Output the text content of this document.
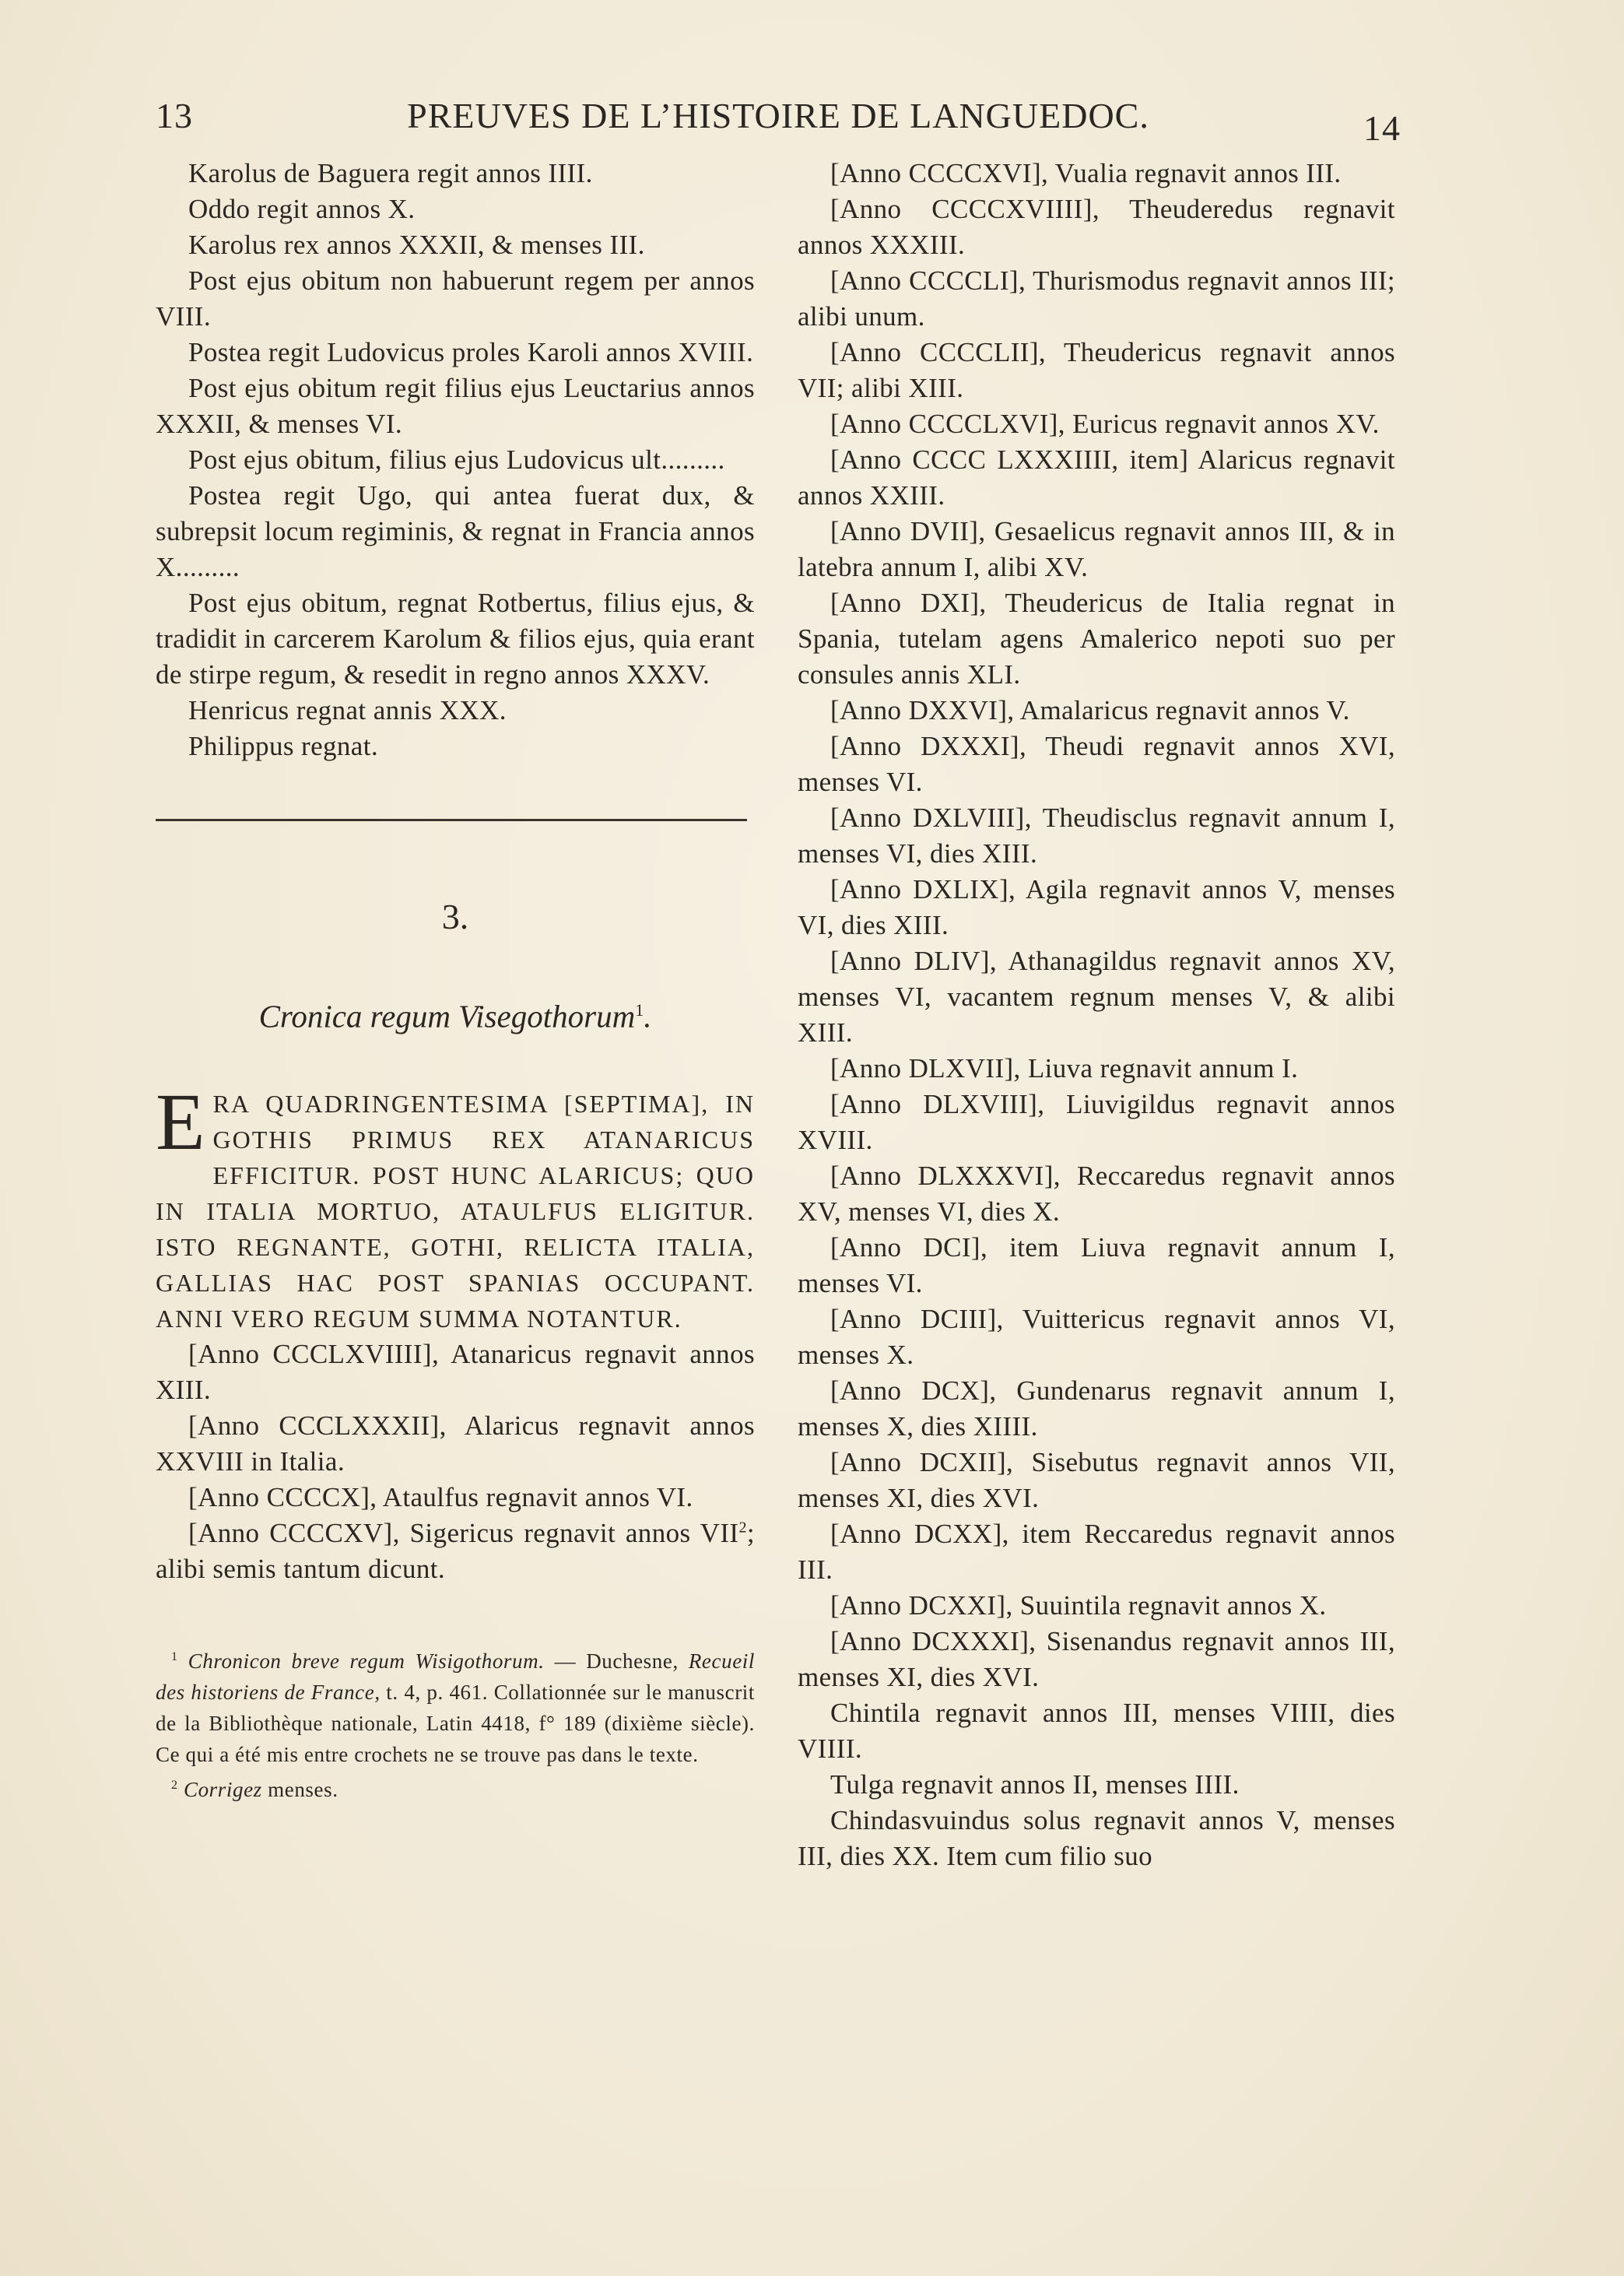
13	PREUVES DE L’HISTOIRE DE LANGUEDOC.	14
Karolus de Baguera regit annos IIII.
Oddo regit annos X.
Karolus rex annos XXXII, & menses III.
Post ejus obitum non habuerunt regem per annos VIII.
Postea regit Ludovicus proles Karoli annos XVIII.
Post ejus obitum regit filius ejus Leuctarius annos XXXII, & menses VI.
Post ejus obitum, filius ejus Ludovicus ult.........
Postea regit Ugo, qui antea fuerat dux, & subrepsit locum regiminis, & regnat in Francia annos X.........
Post ejus obitum, regnat Rotbertus, filius ejus, & tradidit in carcerem Karolum & filios ejus, quia erant de stirpe regum, & resedit in regno annos XXXV.
Henricus regnat annis XXX.
Philippus regnat.
3.
Cronica regum Visegothorum$^1$.
ERA QUADRINGENTESIMA [SEPTIMA], IN GOTHIS PRIMUS REX ATANARICUS EFFICITUR. POST HUNC ALARICUS; QUO IN ITALIA MORTUO, ATAULFUS ELIGITUR. ISTO REGNANTE, GOTHI, RELICTA ITALIA, GALLIAS HAC POST SPANIAS OCCUPANT. ANNI VERO REGUM SUMMA NOTANTUR.
[Anno CCCLXVIIII], Atanaricus regnavit annos XIII.
[Anno CCCLXXXII], Alaricus regnavit annos XXVIII in Italia.
[Anno CCCCX], Ataulfus regnavit annos VI.
[Anno CCCCXV], Sigericus regnavit annos VII$^2$; alibi semis tantum dicunt.
$^1$ Chronicon breve regum Wisigothorum. — Duchesne, Recueil des historiens de France, t. 4, p. 461. Collationnée sur le manuscrit de la Bibliothèque nationale, Latin 4418, f° 189 (dixième siècle). Ce qui a été mis entre crochets ne se trouve pas dans le texte.
$^2$ Corrigez menses.
[Anno CCCCXVI], Vualia regnavit annos III.
[Anno CCCCXVIIII], Theuderedus regnavit annos XXXIII.
[Anno CCCCLI], Thurismodus regnavit annos III; alibi unum.
[Anno CCCCLII], Theudericus regnavit annos VII; alibi XIII.
[Anno CCCCLXVI], Euricus regnavit annos XV.
[Anno CCCC LXXXIIII, item] Alaricus regnavit annos XXIII.
[Anno DVII], Gesaelicus regnavit annos III, & in latebra annum I, alibi XV.
[Anno DXI], Theudericus de Italia regnat in Spania, tutelam agens Amalerico nepoti suo per consules annis XLI.
[Anno DXXVI], Amalaricus regnavit annos V.
[Anno DXXXI], Theudi regnavit annos XVI, menses VI.
[Anno DXLVIII], Theudisclus regnavit annum I, menses VI, dies XIII.
[Anno DXLIX], Agila regnavit annos V, menses VI, dies XIII.
[Anno DLIV], Athanagildus regnavit annos XV, menses VI, vacantem regnum menses V, & alibi XIII.
[Anno DLXVII], Liuva regnavit annum I.
[Anno DLXVIII], Liuvigildus regnavit annos XVIII.
[Anno DLXXXVI], Reccaredus regnavit annos XV, menses VI, dies X.
[Anno DCI], item Liuva regnavit annum I, menses VI.
[Anno DCIII], Vuittericus regnavit annos VI, menses X.
[Anno DCX], Gundenarus regnavit annum I, menses X, dies XIIII.
[Anno DCXII], Sisebutus regnavit annos VII, menses XI, dies XVI.
[Anno DCXX], item Reccaredus regnavit annos III.
[Anno DCXXI], Suuintila regnavit annos X.
[Anno DCXXXI], Sisenandus regnavit annos III, menses XI, dies XVI.
Chintila regnavit annos III, menses VIIII, dies VIIII.
Tulga regnavit annos II, menses IIII.
Chindasvuindus solus regnavit annos V, menses III, dies XX. Item cum filio suo
